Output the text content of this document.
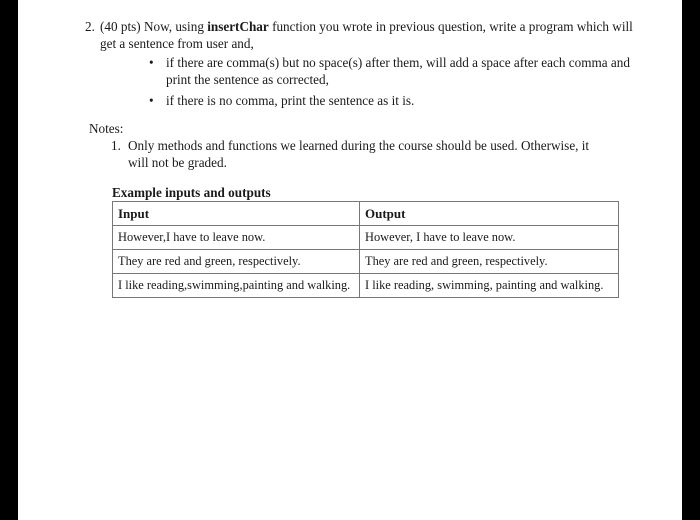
2. (40 pts) Now, using insertChar function you wrote in previous question, write a program which will get a sentence from user and,
• if there are comma(s) but no space(s) after them, will add a space after each comma and print the sentence as corrected,
• if there is no comma, print the sentence as it is.
Notes:
1. Only methods and functions we learned during the course should be used. Otherwise, it will not be graded.
Example inputs and outputs
Input	Output
However,I have to leave now.	However, I have to leave now.
They are red and green, respectively.	They are red and green, respectively.
I like reading,swimming,painting and walking.	I like reading, swimming, painting and walking.
